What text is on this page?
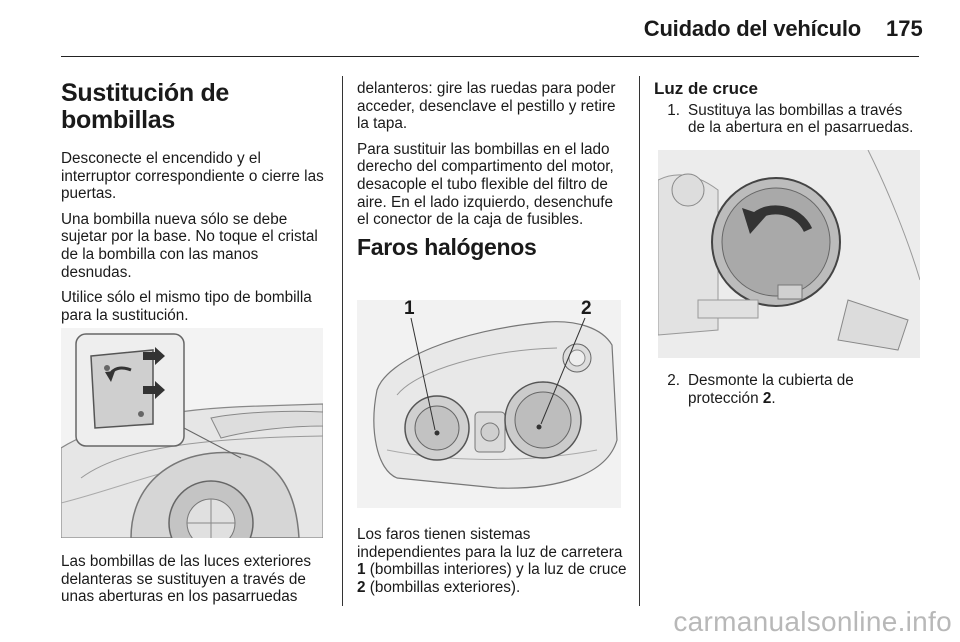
Cuidado del vehículo 175
Sustitución de bombillas

Desconecte el encendido y el interruptor correspondiente o cierre las puertas.

Una bombilla nueva sólo se debe sujetar por la base. No toque el cristal de la bombilla con las manos desnudas.

Utilice sólo el mismo tipo de bombilla para la sustitución.

Las bombillas de las luces exteriores delanteras se sustituyen a través de unas aberturas en los pasarruedas

delanteros: gire las ruedas para poder acceder, desenclave el pestillo y retire la tapa.

Para sustituir las bombillas en el lado derecho del compartimento del motor, desacople el tubo flexible del filtro de aire. En el lado izquierdo, desenchufe el conector de la caja de fusibles.

Faros halógenos
1	2

Los faros tienen sistemas independientes para la luz de carretera 1 (bombillas interiores) y la luz de cruce 2 (bombillas exteriores).

Luz de cruce
1. Sustituya las bombillas a través de la abertura en el pasarruedas.
2. Desmonte la cubierta de protección 2.
carmanualsonline.info
